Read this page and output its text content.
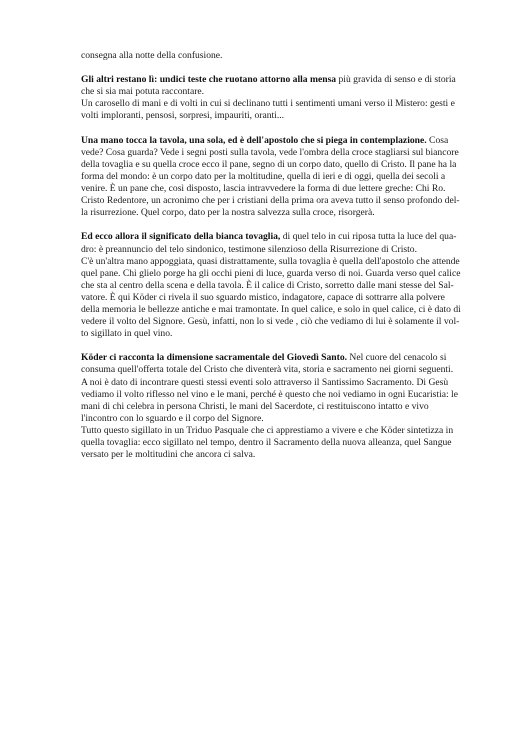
consegna alla notte della confusione.

Gli altri restano lì: undici teste che ruotano attorno alla mensa più gravida di senso e di storia
che si sia mai potuta raccontare.
Un carosello di mani e di volti in cui si declinano tutti i sentimenti umani verso il Mistero: gesti e
volti imploranti, pensosi, sorpresi, impauriti, oranti...

Una mano tocca la tavola, una sola, ed è dell'apostolo che si piega in contemplazione. Cosa
vede? Cosa guarda? Vede i segni posti sulla tavola, vede l'ombra della croce stagliarsi sul biancore
della tovaglia e su quella croce ecco il pane, segno di un corpo dato, quello di Cristo. Il pane ha la
forma del mondo: è un corpo dato per la moltitudine, quella di ieri e di oggi, quella dei secoli a
venire. È un pane che, così disposto, lascia intravvedere la forma di due lettere greche: Chi Ro.
Cristo Redentore, un acronimo che per i cristiani della prima ora aveva tutto il senso profondo del-
la risurrezione. Quel corpo, dato per la nostra salvezza sulla croce, risorgerà.

Ed ecco allora il significato della bianca tovaglia, di quel telo in cui riposa tutta la luce del qua-
dro: è preannuncio del telo sindonico, testimone silenzioso della Risurrezione di Cristo.
C'è un'altra mano appoggiata, quasi distrattamente, sulla tovaglia è quella dell'apostolo che attende
quel pane. Chi glielo porge ha gli occhi pieni di luce, guarda verso di noi. Guarda verso quel calice
che sta al centro della scena e della tavola. È il calice di Cristo, sorretto dalle mani stesse del Sal-
vatore. È qui Köder ci rivela il suo sguardo mistico, indagatore, capace di sottrarre alla polvere
della memoria le bellezze antiche e mai tramontate. In quel calice, e solo in quel calice, ci è dato di
vedere il volto del Signore. Gesù, infatti, non lo si vede , ciò che vediamo di lui è solamente il vol-
to sigillato in quel vino.

Köder ci racconta la dimensione sacramentale del Giovedì Santo. Nel cuore del cenacolo si
consuma quell'offerta totale del Cristo che diventerà vita, storia e sacramento nei giorni seguenti.
A noi è dato di incontrare questi stessi eventi solo attraverso il Santissimo Sacramento. Di Gesù
vediamo il volto riflesso nel vino e le mani, perché è questo che noi vediamo in ogni Eucaristia: le
mani di chi celebra in persona Christi, le mani del Sacerdote, ci restituiscono intatto e vivo
l'incontro con lo sguardo e il corpo del Signore.
Tutto questo sigillato in un Triduo Pasquale che ci apprestiamo a vivere e che Köder sintetizza in
quella tovaglia: ecco sigillato nel tempo, dentro il Sacramento della nuova alleanza, quel Sangue
versato per le moltitudini che ancora ci salva.
